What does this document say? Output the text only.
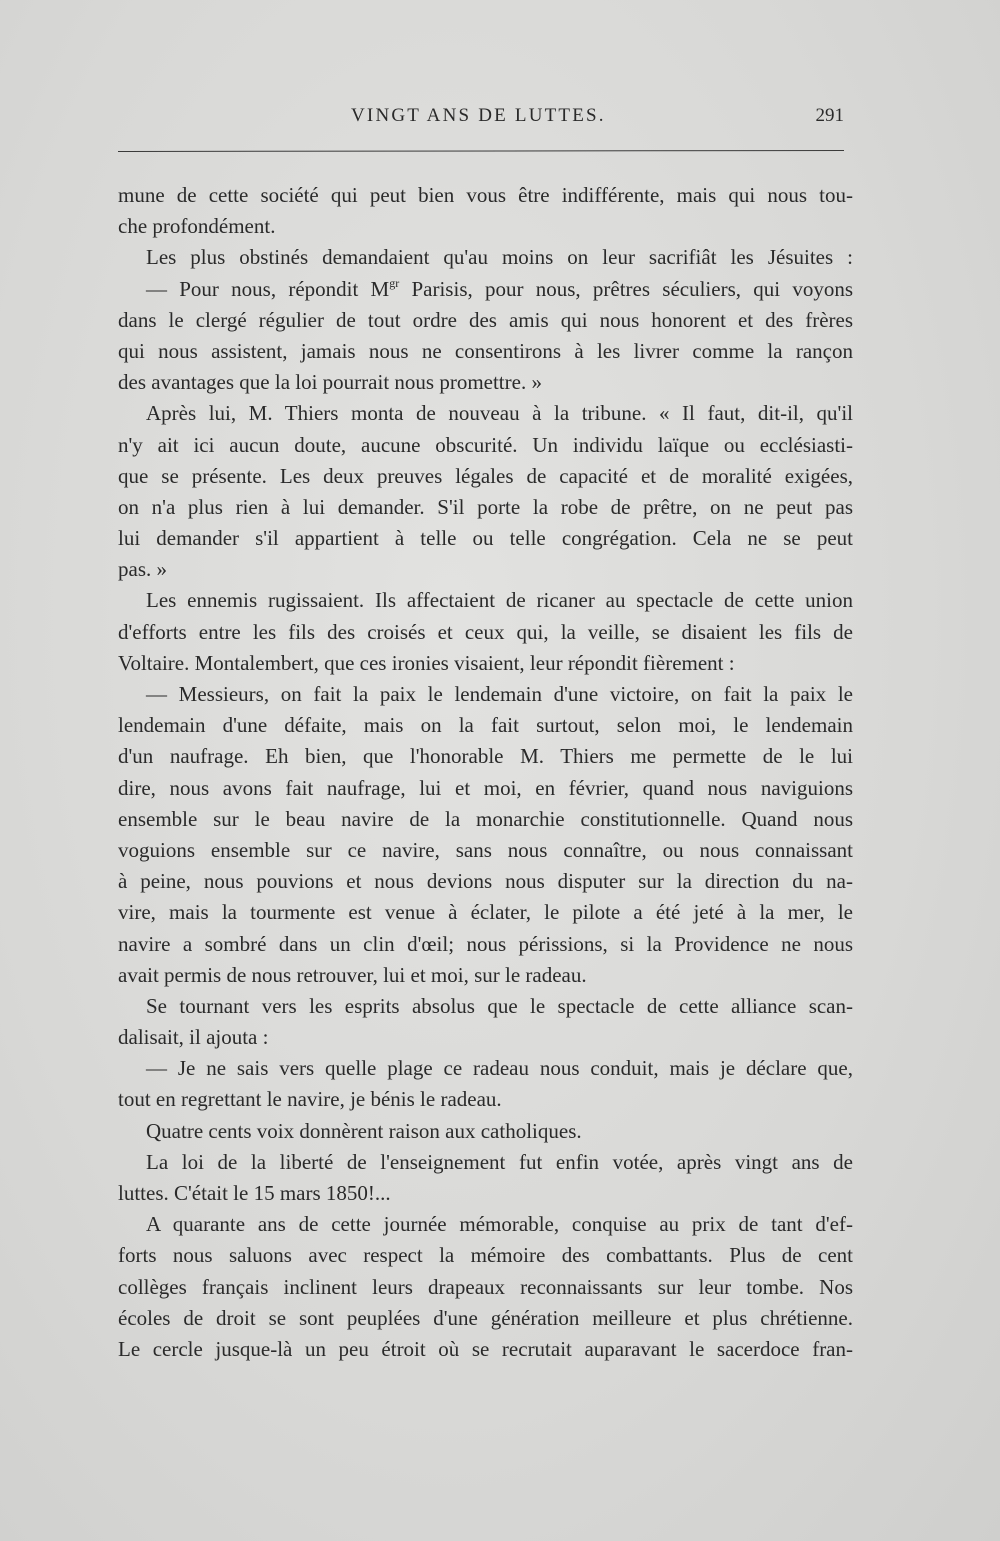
VINGT ANS DE LUTTES.	291
mune de cette société qui peut bien vous être indifférente, mais qui nous tou-
che profondément.
Les plus obstinés demandaient qu'au moins on leur sacrifiât les Jésuites :
— Pour nous, répondit $M^{gr}$ Parisis, pour nous, prêtres séculiers, qui voyons
dans le clergé régulier de tout ordre des amis qui nous honorent et des frères
qui nous assistent, jamais nous ne consentirons à les livrer comme la rançon
des avantages que la loi pourrait nous promettre. »
Après lui, M. Thiers monta de nouveau à la tribune. « Il faut, dit-il, qu'il
n'y ait ici aucun doute, aucune obscurité. Un individu laïque ou ecclésiasti-
que se présente. Les deux preuves légales de capacité et de moralité exigées,
on n'a plus rien à lui demander. S'il porte la robe de prêtre, on ne peut pas
lui demander s'il appartient à telle ou telle congrégation. Cela ne se peut
pas. »
Les ennemis rugissaient. Ils affectaient de ricaner au spectacle de cette union
d'efforts entre les fils des croisés et ceux qui, la veille, se disaient les fils de
Voltaire. Montalembert, que ces ironies visaient, leur répondit fièrement :
— Messieurs, on fait la paix le lendemain d'une victoire, on fait la paix le
lendemain d'une défaite, mais on la fait surtout, selon moi, le lendemain
d'un naufrage. Eh bien, que l'honorable M. Thiers me permette de le lui
dire, nous avons fait naufrage, lui et moi, en février, quand nous naviguions
ensemble sur le beau navire de la monarchie constitutionnelle. Quand nous
voguions ensemble sur ce navire, sans nous connaître, ou nous connaissant
à peine, nous pouvions et nous devions nous disputer sur la direction du na-
vire, mais la tourmente est venue à éclater, le pilote a été jeté à la mer, le
navire a sombré dans un clin d'œil; nous périssions, si la Providence ne nous
avait permis de nous retrouver, lui et moi, sur le radeau.
Se tournant vers les esprits absolus que le spectacle de cette alliance scan-
dalisait, il ajouta :
— Je ne sais vers quelle plage ce radeau nous conduit, mais je déclare que,
tout en regrettant le navire, je bénis le radeau.
Quatre cents voix donnèrent raison aux catholiques.
La loi de la liberté de l'enseignement fut enfin votée, après vingt ans de
luttes. C'était le 15 mars 1850!...
A quarante ans de cette journée mémorable, conquise au prix de tant d'ef-
forts nous saluons avec respect la mémoire des combattants. Plus de cent
collèges français inclinent leurs drapeaux reconnaissants sur leur tombe. Nos
écoles de droit se sont peuplées d'une génération meilleure et plus chrétienne.
Le cercle jusque-là un peu étroit où se recrutait auparavant le sacerdoce fran-
